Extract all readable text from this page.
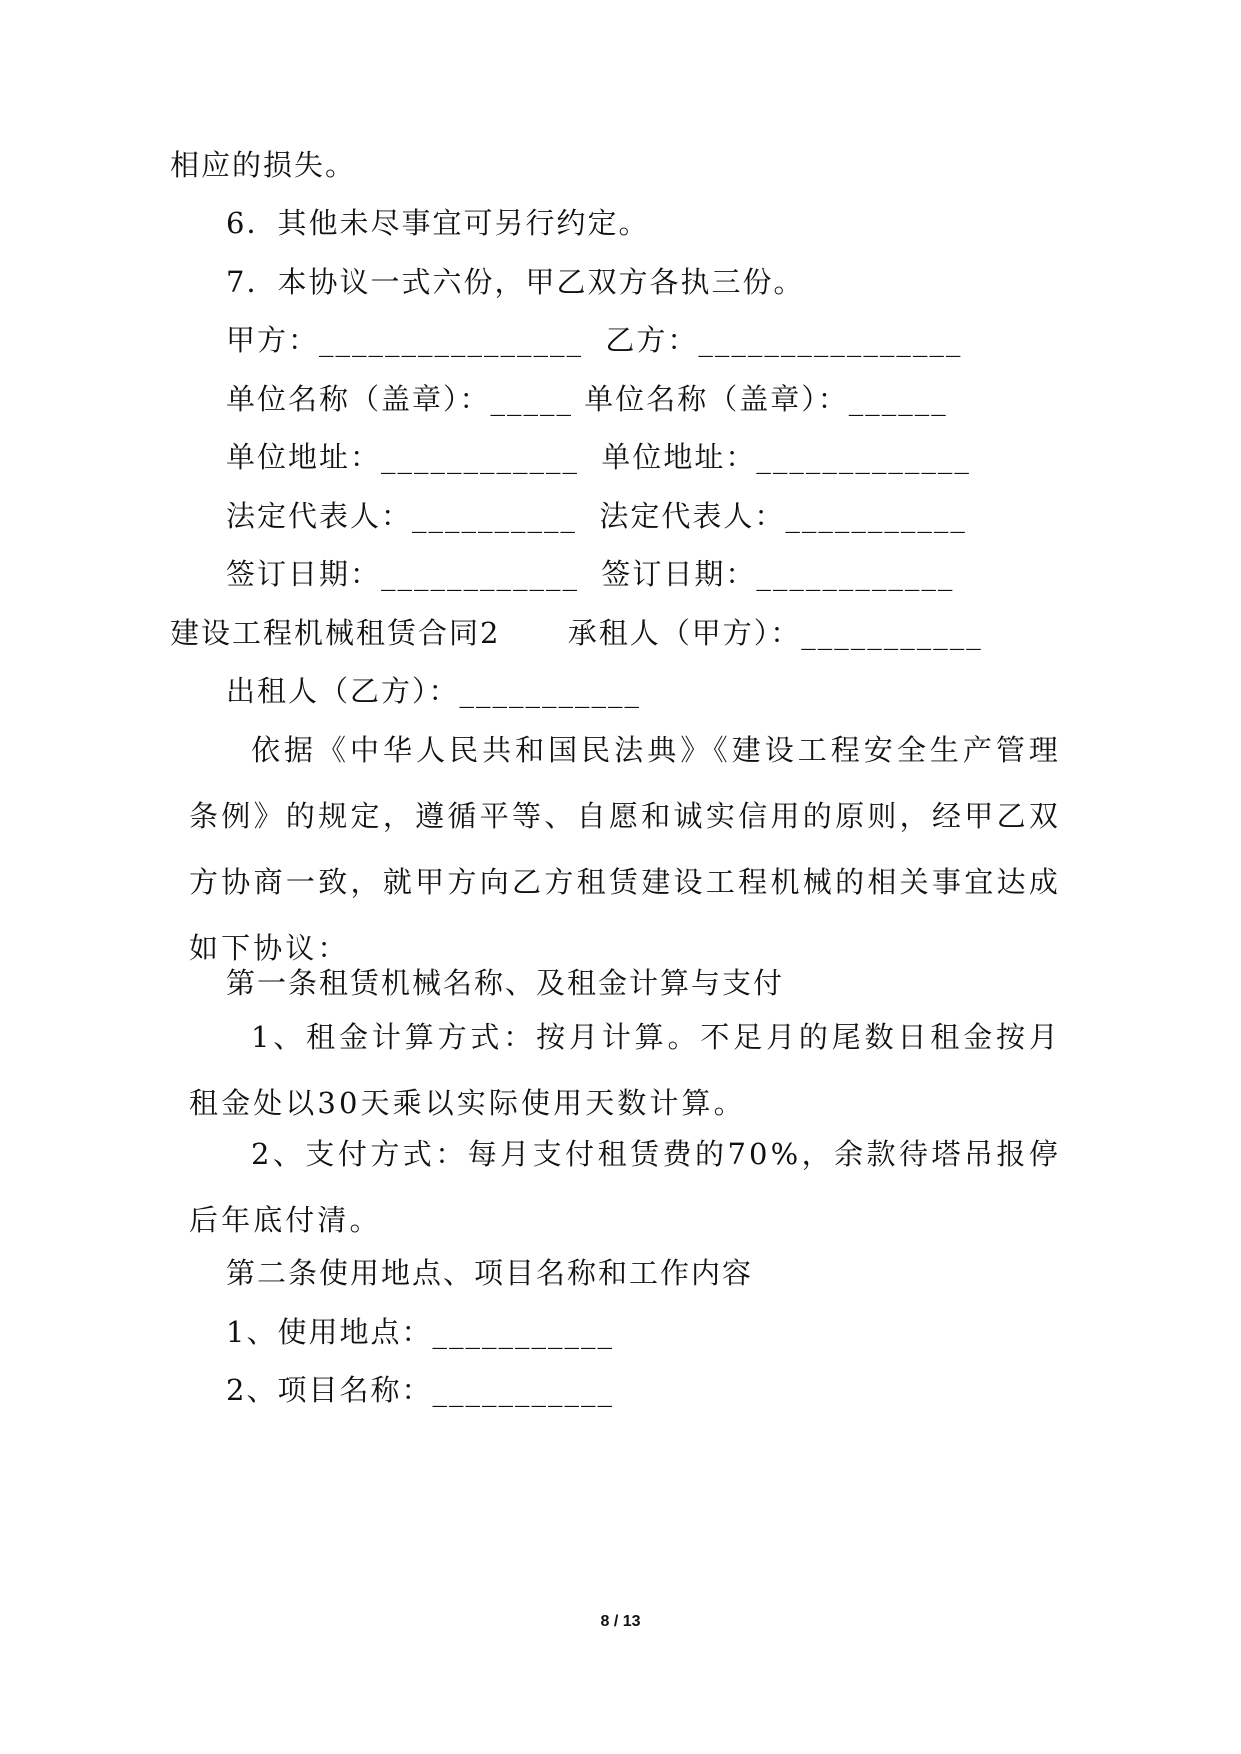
相应的损失。
6．其他未尽事宜可另行约定。
7．本协议一式六份，甲乙双方各执三份。
甲方：________________  乙方：________________
单位名称（盖章）：_____ 单位名称（盖章）：______
单位地址：____________  单位地址：_____________
法定代表人：__________  法定代表人：___________
签订日期：____________  签订日期：____________
建设工程机械租赁合同2      承租人（甲方）：___________
出租人（乙方）：___________
依据《中华人民共和国民法典》《建设工程安全生产管理条例》的规定，遵循平等、自愿和诚实信用的原则，经甲乙双方协商一致，就甲方向乙方租赁建设工程机械的相关事宜达成如下协议：
第一条租赁机械名称、及租金计算与支付
1、租金计算方式：按月计算。不足月的尾数日租金按月租金处以30天乘以实际使用天数计算。
2、支付方式：每月支付租赁费的70%，余款待塔吊报停后年底付清。
第二条使用地点、项目名称和工作内容
1、使用地点：___________
2、项目名称：___________
8 / 13
